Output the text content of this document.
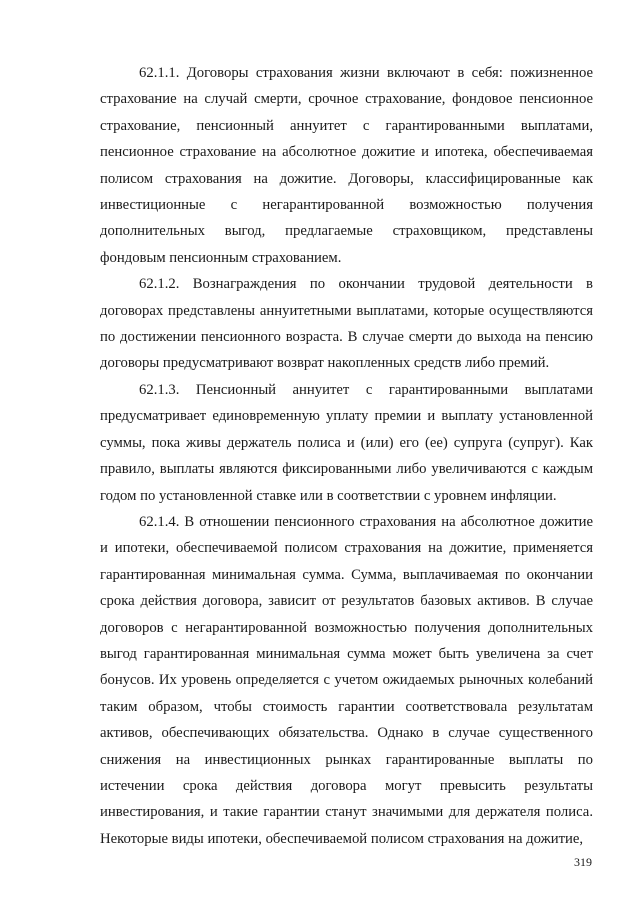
62.1.1. Договоры страхования жизни включают в себя: пожизненное страхование на случай смерти, срочное страхование, фондовое пенсионное страхование, пенсионный аннуитет с гарантированными выплатами, пенсионное страхование на абсолютное дожитие и ипотека, обеспечиваемая полисом страхования на дожитие. Договоры, классифицированные как инвестиционные с негарантированной возможностью получения дополнительных выгод, предлагаемые страховщиком, представлены фондовым пенсионным страхованием.

62.1.2. Вознаграждения по окончании трудовой деятельности в договорах представлены аннуитетными выплатами, которые осуществляются по достижении пенсионного возраста. В случае смерти до выхода на пенсию договоры предусматривают возврат накопленных средств либо премий.

62.1.3. Пенсионный аннуитет с гарантированными выплатами предусматривает единовременную уплату премии и выплату установленной суммы, пока живы держатель полиса и (или) его (ее) супруга (супруг). Как правило, выплаты являются фиксированными либо увеличиваются с каждым годом по установленной ставке или в соответствии с уровнем инфляции.

62.1.4. В отношении пенсионного страхования на абсолютное дожитие и ипотеки, обеспечиваемой полисом страхования на дожитие, применяется гарантированная минимальная сумма. Сумма, выплачиваемая по окончании срока действия договора, зависит от результатов базовых активов. В случае договоров с негарантированной возможностью получения дополнительных выгод гарантированная минимальная сумма может быть увеличена за счет бонусов. Их уровень определяется с учетом ожидаемых рыночных колебаний таким образом, чтобы стоимость гарантии соответствовала результатам активов, обеспечивающих обязательства. Однако в случае существенного снижения на инвестиционных рынках гарантированные выплаты по истечении срока действия договора могут превысить результаты инвестирования, и такие гарантии станут значимыми для держателя полиса. Некоторые виды ипотеки, обеспечиваемой полисом страхования на дожитие,

319
